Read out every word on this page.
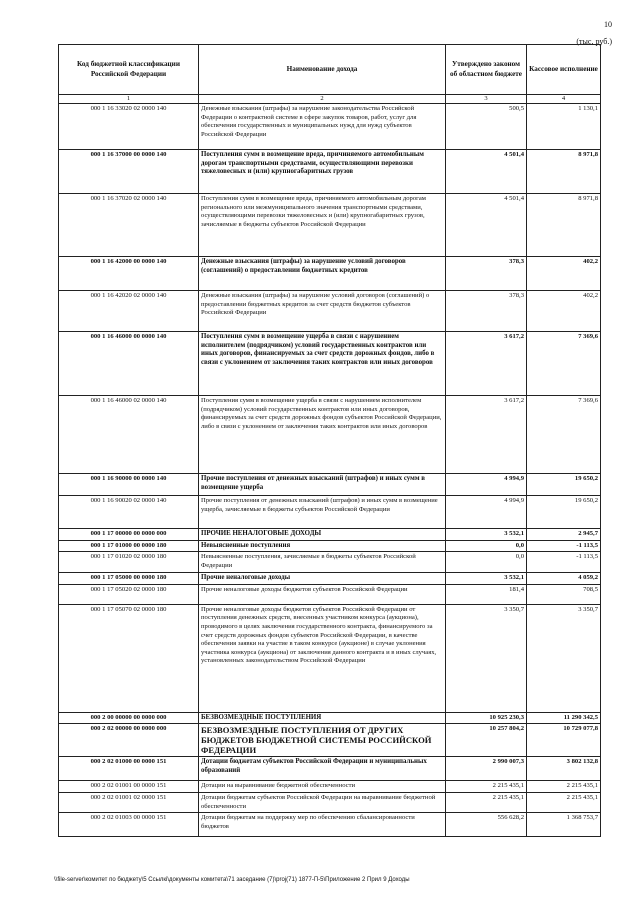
10
(тыс. руб.)
Код бюджетной классификации Российской Федерации	Наименование дохода	Утверждено законом об областном бюджете	Кассовое исполнение
1	2	3	4
000 1 16 33020 02 0000 140	Денежные взыскания (штрафы) за нарушение законодательства Российской Федерации о контрактной системе в сфере закупок товаров, работ, услуг для обеспечения государственных и муниципальных нужд для нужд субъектов Российской Федерации	500,5	1 130,1
000 1 16 37000 00 0000 140	Поступления сумм в возмещение вреда, причиняемого автомобильным дорогам транспортными средствами, осуществляющими перевозки тяжеловесных и (или) крупногабаритных грузов	4 501,4	8 971,8
000 1 16 37020 02 0000 140	Поступления сумм в возмещение вреда, причиняемого автомобильным дорогам регионального или межмуниципального значения транспортными средствами, осуществляющими перевозки тяжеловесных и (или) крупногабаритных грузов, зачисляемые в бюджеты субъектов Российской Федерации	4 501,4	8 971,8
000 1 16 42000 00 0000 140	Денежные взыскания (штрафы) за нарушение условий договоров (соглашений) о предоставлении бюджетных кредитов	378,3	402,2
000 1 16 42020 02 0000 140	Денежные взыскания (штрафы) за нарушение условий договоров (соглашений) о предоставлении бюджетных кредитов за счет средств бюджетов субъектов Российской Федерации	378,3	402,2
000 1 16 46000 00 0000 140	Поступления сумм в возмещение ущерба в связи с нарушением исполнителем (подрядчиком) условий государственных контрактов или иных договоров, финансируемых за счет средств дорожных фондов, либо в связи с уклонением от заключения таких контрактов или иных договоров	3 617,2	7 369,6
000 1 16 46000 02 0000 140	Поступления сумм в возмещение ущерба в связи с нарушением исполнителем (подрядчиком) условий государственных контрактов или иных договоров, финансируемых за счет средств дорожных фондов субъектов Российской Федерации, либо в связи с уклонением от заключения таких контрактов или иных договоров	3 617,2	7 369,6
000 1 16 90000 00 0000 140	Прочие поступления от денежных взысканий (штрафов) и иных сумм в возмещение ущерба	4 994,9	19 650,2
000 1 16 90020 02 0000 140	Прочие поступления от денежных взысканий (штрафов) и иных сумм в возмещение ущерба, зачисляемые в бюджеты субъектов Российской Федерации	4 994,9	19 650,2
000 1 17 00000 00 0000 000	ПРОЧИЕ НЕНАЛОГОВЫЕ ДОХОДЫ	3 532,1	2 945,7
000 1 17 01000 00 0000 180	Невыясненные поступления	0,0	-1 113,5
000 1 17 01020 02 0000 180	Невыясненные поступления, зачисляемые в бюджеты субъектов Российской Федерации	0,0	-1 113,5
000 1 17 05000 00 0000 180	Прочие неналоговые доходы	3 532,1	4 059,2
000 1 17 05020 02 0000 180	Прочие неналоговые доходы бюджетов субъектов Российской Федерации	181,4	708,5
000 1 17 05070 02 0000 180	Прочие неналоговые доходы бюджетов субъектов Российской Федерации от поступления денежных средств, внесенных участником конкурса (аукциона), проводимого в целях заключения государственного контракта, финансируемого за счет средств дорожных фондов субъектов Российской Федерации, в качестве обеспечения заявки на участие в таком конкурсе (аукционе) в случае уклонения участника конкурса (аукциона) от заключения данного контракта и в иных случаях, установленных законодательством Российской Федерации	3 350,7	3 350,7
000 2 00 00000 00 0000 000	БЕЗВОЗМЕЗДНЫЕ ПОСТУПЛЕНИЯ	10 925 230,3	11 290 342,5
000 2 02 00000 00 0000 000	БЕЗВОЗМЕЗДНЫЕ ПОСТУПЛЕНИЯ ОТ ДРУГИХ БЮДЖЕТОВ БЮДЖЕТНОЙ СИСТЕМЫ РОССИЙСКОЙ ФЕДЕРАЦИИ	10 257 804,2	10 729 077,8
000 2 02 01000 00 0000 151	Дотации бюджетам субъектов Российской Федерации и муниципальных образований	2 990 007,3	3 802 132,8
000 2 02 01001 00 0000 151	Дотации на выравнивание бюджетной обеспеченности	2 215 435,1	2 215 435,1
000 2 02 01001 02 0000 151	Дотации бюджетам субъектов Российской Федерации на выравнивание бюджетной обеспеченности	2 215 435,1	2 215 435,1
000 2 02 01003 00 0000 151	Дотации бюджетам на поддержку мер по обеспечению сбалансированности бюджетов	556 628,2	1 368 753,7
\\file-server\комитет по бюджету\5 Ссылкі\документы комитета\71 заседание (7)\proj(71) 1877-П-5\Приложение 2 Прил 9 Доходы
